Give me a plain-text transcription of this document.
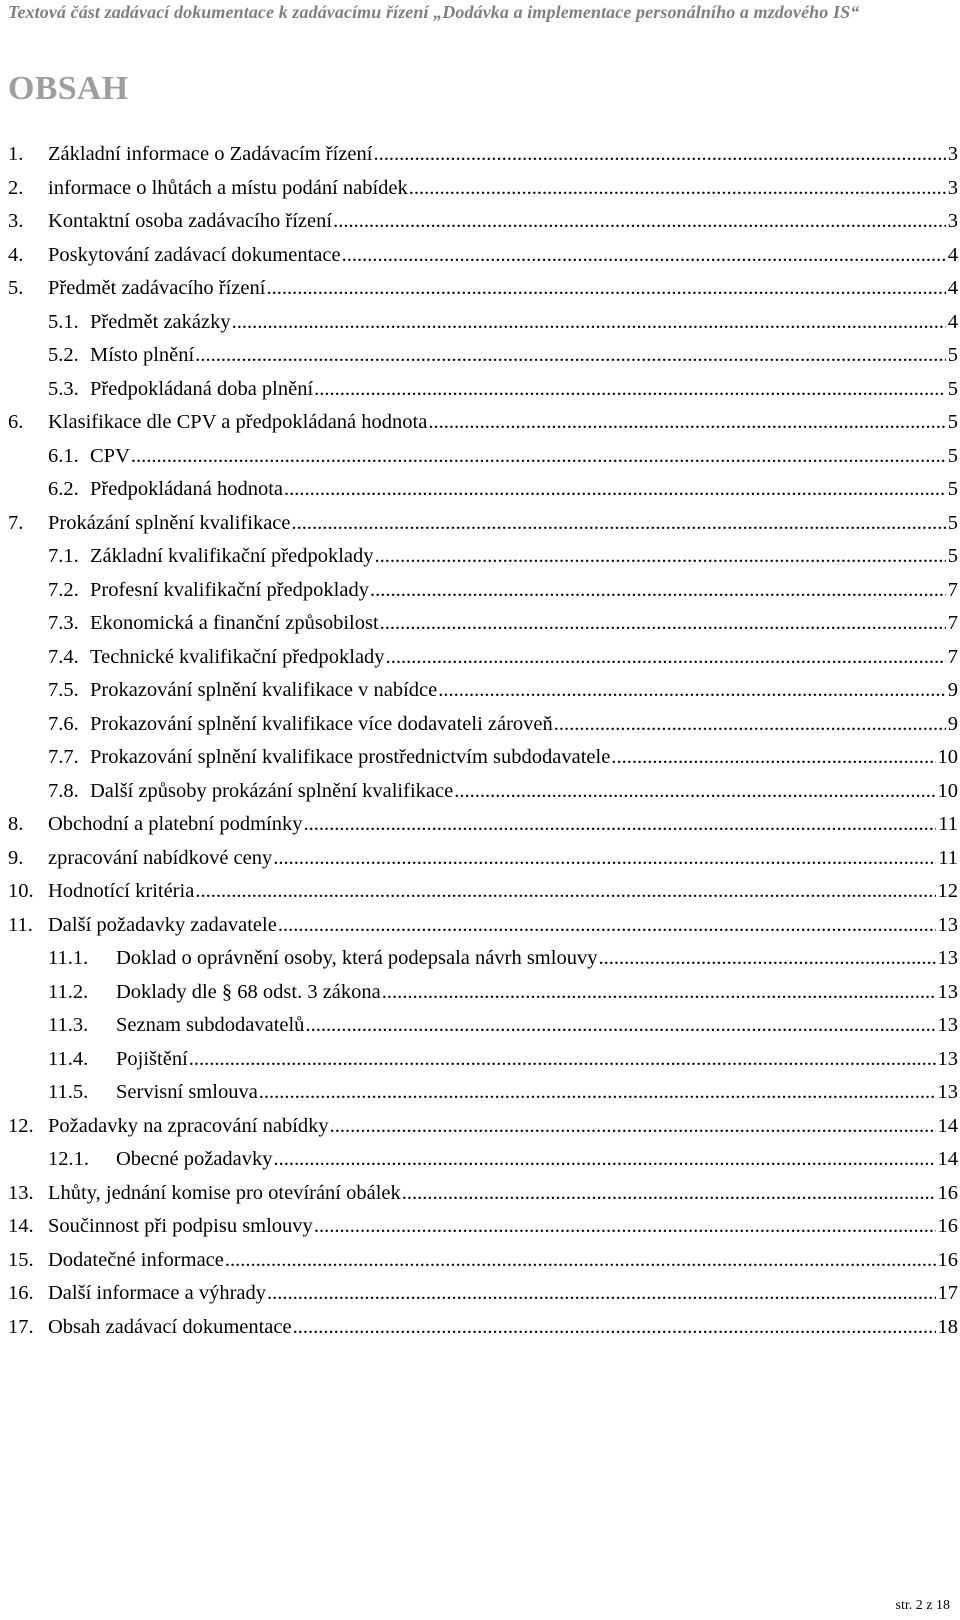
Textová část zadávací dokumentace k zadávacímu řízení „Dodávka a implementace personálního a mzdového IS“
OBSAH
1. Základní informace o Zadávacím řízení .....	3
2. informace o lhůtách a místu podání nabídek .....	3
3. Kontaktní osoba zadávacího řízení .....	3
4. Poskytování zadávací dokumentace .....	4
5. Předmět zadávacího řízení .....	4
5.1. Předmět zakázky .....	4
5.2. Místo plnění .....	5
5.3. Předpokládaná doba plnění .....	5
6. Klasifikace dle CPV a předpokládaná hodnota .....	5
6.1. CPV .....	5
6.2. Předpokládaná hodnota .....	5
7. Prokázání splnění kvalifikace .....	5
7.1. Základní kvalifikační předpoklady .....	5
7.2. Profesní kvalifikační předpoklady .....	7
7.3. Ekonomická a finanční způsobilost .....	7
7.4. Technické kvalifikační předpoklady .....	7
7.5. Prokazování splnění kvalifikace v nabídce .....	9
7.6. Prokazování splnění kvalifikace více dodavateli zároveň .....	9
7.7. Prokazování splnění kvalifikace prostřednictvím subdodavatele .....	10
7.8. Další způsoby prokázání splnění kvalifikace .....	10
8. Obchodní a platební podmínky .....	11
9. zpracování nabídkové ceny .....	11
10. Hodnotící kritéria .....	12
11. Další požadavky zadavatele .....	13
11.1. Doklad o oprávnění osoby, která podepsala návrh smlouvy .....	13
11.2. Doklady dle § 68 odst. 3 zákona .....	13
11.3. Seznam subdodavatelů .....	13
11.4. Pojištění .....	13
11.5. Servisní smlouva .....	13
12. Požadavky na zpracování nabídky .....	14
12.1. Obecné požadavky .....	14
13. Lhůty, jednání komise pro otevírání obálek .....	16
14. Součinnost při podpisu smlouvy .....	16
15. Dodatečné informace .....	16
16. Další informace a výhrady .....	17
17. Obsah zadávací dokumentace .....	18
str. 2 z 18
